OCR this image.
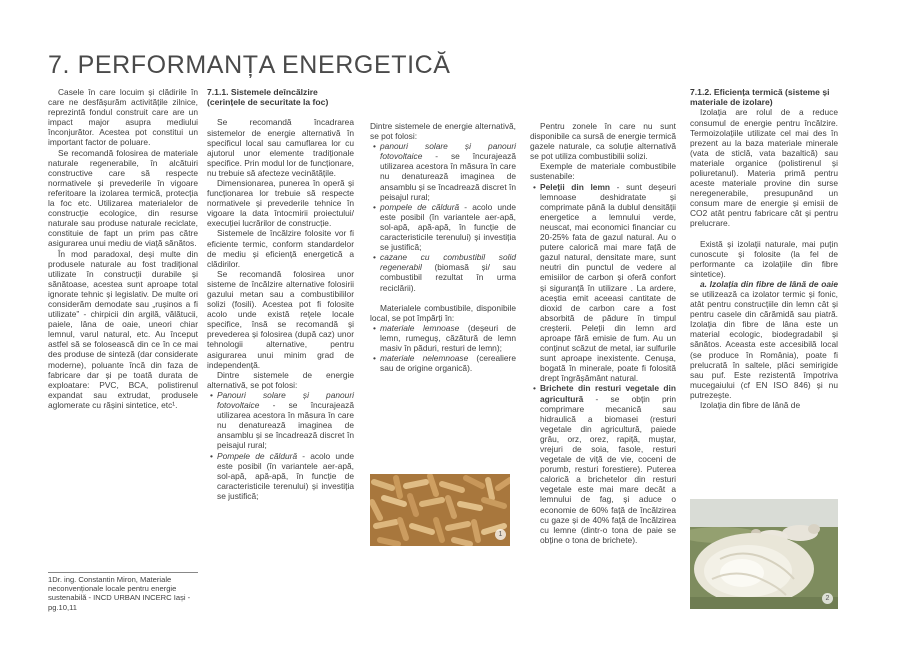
7. PERFORMANȚA ENERGETICĂ

Casele în care locuim și clădirile în care ne desfășurăm activitățile zilnice, reprezintă fondul construit care are un impact major asupra mediului înconjurător. Acestea pot constitui un important factor de poluare.

Se recomandă folosirea de materiale naturale regenerabile, în alcătuiri constructive care să respecte normativele și prevederile în vigoare referitoare la izolarea termică, protecția la foc etc. Utilizarea materialelor de construcție ecologice, din resurse naturale sau produse naturale reciclate, constituie de fapt un prim pas către asigurarea unui mediu de viață sănătos.

În mod paradoxal, deși multe din produsele naturale au fost tradițional utilizate în construcții durabile și sănătoase, acestea sunt aproape total ignorate tehnic și legislativ. De multe ori considerăm demodate sau „rușinos a fi utilizate” - chirpicii din argilă, vălătucii, paiele, lâna de oaie, uneori chiar lemnul, varul natural, etc. Au început astfel să se folosească din ce în ce mai des produse de sinteză (dar considerate moderne), poluante încă din faza de fabricare dar și pe toată durata de exploatare: PVC, BCA, polistirenul expandat sau extrudat, produsele aglomerate cu rășini sintetice, etc¹.

1Dr. ing. Constantin Miron, Materiale neconvenționale locale pentru energie sustenabilă - INCD URBAN INCERC Iași - pg.10,11
7.1.1. Sistemele deîncălzire (cerințele de securitate la foc)

Se recomandă încadrarea sistemelor de energie alternativă în specificul local sau camuflarea lor cu ajutorul unor elemente tradiționale specifice. Prin modul lor de funcționare, nu trebuie să afecteze vecinătățile.

Dimensionarea, punerea în operă și funcționarea lor trebuie să respecte normativele și prevederile tehnice în vigoare la data întocmirii proiectului/ execuției lucrărilor de construcție.

Sistemele de încălzire folosite vor fi eficiente termic, conform standardelor de mediu și eficiență energetică a clădirilor.

Se recomandă folosirea unor sisteme de încălzire alternative folosirii gazului metan sau a combustibililor solizi (fosili). Acestea pot fi folosite acolo unde există rețele locale specifice, însă se recomandă și prevederea și folosirea (după caz) unor tehnologii alternative, pentru asigurarea unui minim grad de independență.

Dintre sistemele de energie alternativă, se pot folosi:

• Panouri solare și panouri fotovoltaice - se încurajează utilizarea acestora în măsura în care nu denaturează imaginea de ansamblu și se încadrează discret în peisajul rural;
• Pompele de căldură - acolo unde este posibil (în variantele aer-apă, sol-apă, apă-apă, în funcție de caracteristicile terenului) și investiția se justifică;

Dintre sistemele de energie alternativă, se pot folosi:

• panouri solare și panouri fotovoltaice - se încurajează utilizarea acestora în măsura în care nu denaturează imaginea de ansamblu și se încadrează discret în peisajul rural;
• pompele de căldură - acolo unde este posibil (în variantele aer-apă, sol-apă, apă-apă, în funcție de caracteristicile terenului) și investiția se justifică;
• cazane cu combustibil solid regenerabil (biomasă și/ sau combustibil rezultat în urma reciclării).

Materialele combustibile, disponibile local, se pot împărți în:

• materiale lemnoase (deșeuri de lemn, rumeguș, căzătură de lemn masiv în păduri, resturi de lemn);
• materiale nelemnoase (cerealiere sau de origine organică).
1

Pentru zonele în care nu sunt disponibile ca sursă de energie termică gazele naturale, ca soluție alternativă se pot utiliza combustibilii solizi.

Exemple de materiale combustibile sustenabile:

• Peleții din lemn - sunt deșeuri lemnoase deshidratate și comprimate până la dublul densității energetice a lemnului verde, neuscat, mai economici financiar cu 20-25% fata de gazul natural. Au o putere calorică mai mare față de gazul natural, densitate mare, sunt neutri din punctul de vedere al emisiilor de carbon și oferă confort și siguranță în utilizare . La ardere, aceștia emit aceeasi cantitate de dioxid de carbon care a fost absorbită de pădure în timpul creșterii. Peleții din lemn ard aproape fără emisie de fum. Au un conținut scăzut de metal, iar sulfurile sunt aproape inexistente. Cenușa, bogată în minerale, poate fi folosită drept îngrășământ natural.
• Brichete din resturi vegetale din agricultură - se obțin prin comprimare mecanică sau hidraulică a biomasei (resturi vegetale din agricultură, paiede grâu, orz, orez, rapiță, muștar, vrejuri de soia, fasole, resturi vegetale de viță de vie, coceni de porumb, resturi forestiere). Puterea calorică a brichetelor din resturi vegetale este mai mare decât a lemnului de fag, și aduce o economie de 60% față de încălzirea cu gaze și de 40% față de încălzirea cu lemne (dintr-o tona de paie se obține o tona de brichete).
7.1.2. Eficiența termică (sisteme și materiale de izolare)

Izolația are rolul de a reduce consumul de energie pentru încălzire. Termoizolațiile utilizate cel mai des în prezent au la baza materiale minerale (vata de sticlă, vata bazaltică) sau materiale organice (polistirenul și poliuretanul). Materia primă pentru aceste materiale provine din surse neregenerabile, presupunând un consum mare de energie și emisii de CO2 atât pentru fabricare cât și pentru prelucrare.

Există și izolații naturale, mai puțin cunoscute și folosite (la fel de performante ca izolațiile din fibre sintetice).

a. Izolația din fibre de lână de oaie se utilizează ca izolator termic și fonic, atât pentru construcțiile din lemn cât și pentru casele din cărămidă sau piatră. Izolația din fibre de lâna este un material ecologic, biodegradabil și sănătos. Aceasta este accesibilă local (se produce în România), poate fi prelucrată în saltele, plăci semirigide sau puf. Este rezistentă împotriva mucegaiului (cf EN ISO 846) și nu putrezește.

Izolația din fibre de lână de

2
